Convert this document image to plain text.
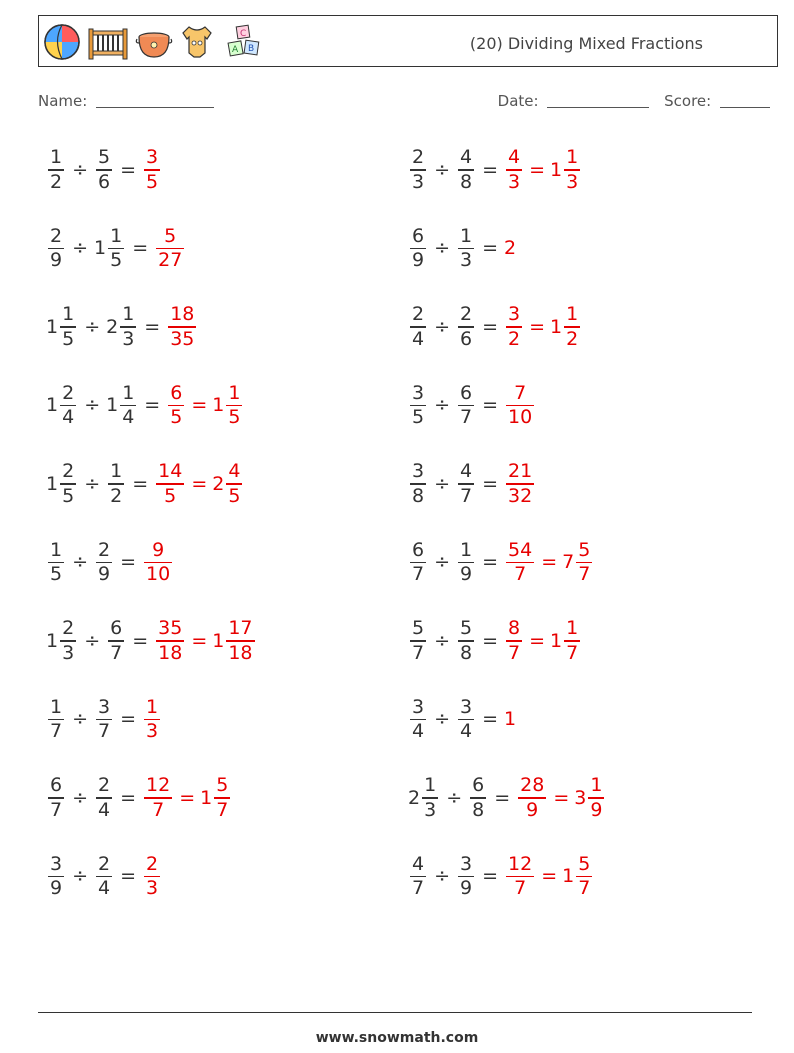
C
A B	(20) Dividing Mixed Fractions
Name:	Date:	Score:
$\frac{1}{2} \div \frac{5}{6} = \frac{3}{5}$	$\frac{2}{3} \div \frac{4}{8} = \frac{4}{3} = 1 \frac{1}{3}$
$\frac{2}{9} \div 1 \frac{1}{5} = \frac{5}{27}$	$\frac{6}{9} \div \frac{1}{3} = 2$
$1 \frac{1}{5} \div 2 \frac{1}{3} = \frac{18}{35}$	$\frac{2}{4} \div \frac{2}{6} = \frac{3}{2} = 1 \frac{1}{2}$
$1 \frac{2}{4} \div 1 \frac{1}{4} = \frac{6}{5} = 1 \frac{1}{5}$	$\frac{3}{5} \div \frac{6}{7} = \frac{7}{10}$
$1 \frac{2}{5} \div \frac{1}{2} = \frac{14}{5} = 2 \frac{4}{5}$	$\frac{3}{8} \div \frac{4}{7} = \frac{21}{32}$
$\frac{1}{5} \div \frac{2}{9} = \frac{9}{10}$	$\frac{6}{7} \div \frac{1}{9} = \frac{54}{7} = 7 \frac{5}{7}$
$1 \frac{2}{3} \div \frac{6}{7} = \frac{35}{18} = 1 \frac{17}{18}$	$\frac{5}{7} \div \frac{5}{8} = \frac{8}{7} = 1 \frac{1}{7}$
$\frac{1}{7} \div \frac{3}{7} = \frac{1}{3}$	$\frac{3}{4} \div \frac{3}{4} = 1$
$\frac{6}{7} \div \frac{2}{4} = \frac{12}{7} = 1 \frac{5}{7}$	$2 \frac{1}{3} \div \frac{6}{8} = \frac{28}{9} = 3 \frac{1}{9}$
$\frac{3}{9} \div \frac{2}{4} = \frac{2}{3}$	$\frac{4}{7} \div \frac{3}{9} = \frac{12}{7} = 1 \frac{5}{7}$
www.snowmath.com
